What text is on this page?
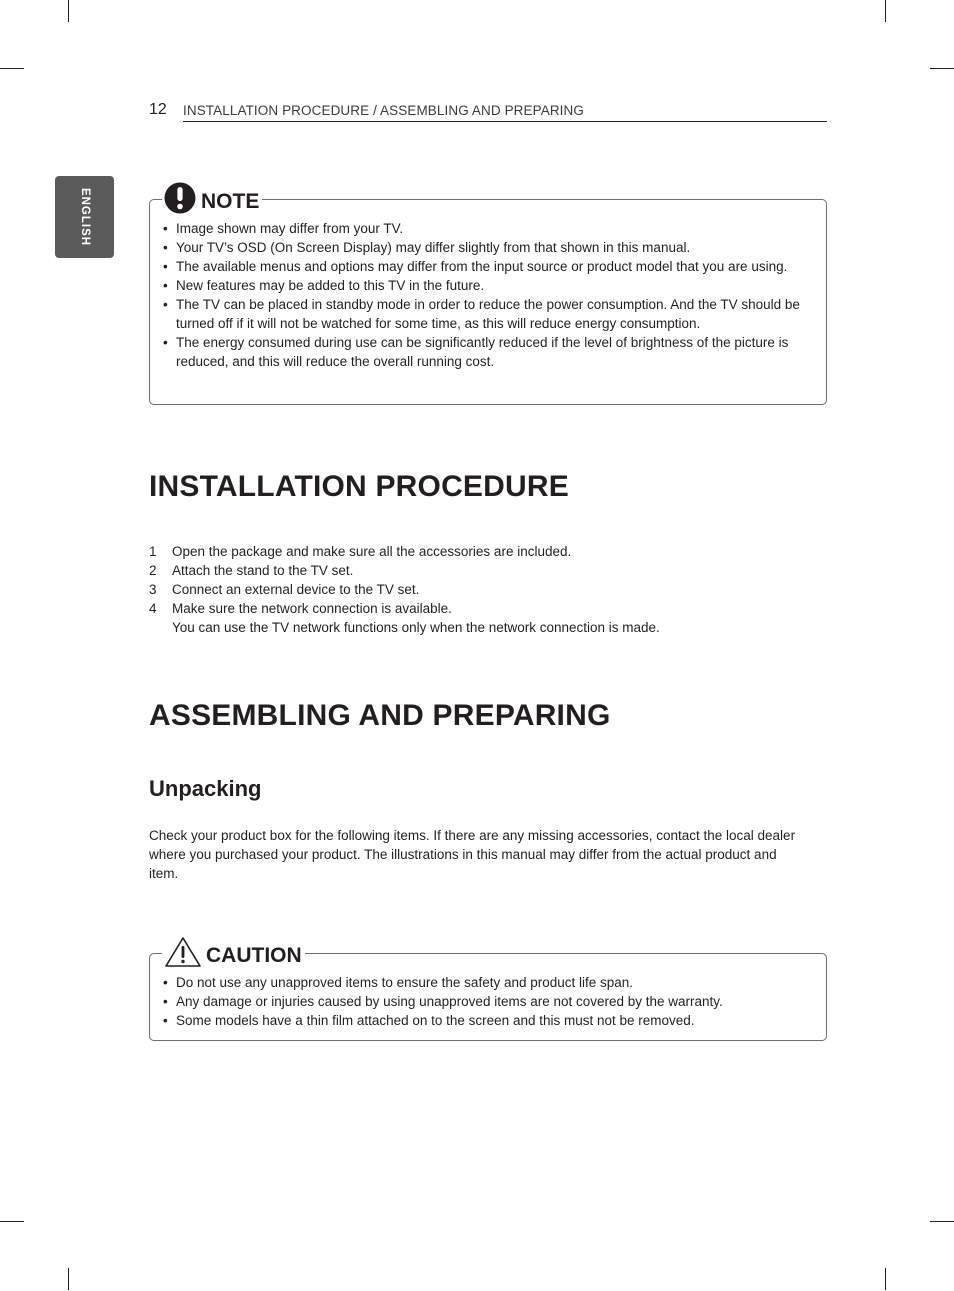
12 INSTALLATION PROCEDURE / ASSEMBLING AND PREPARING
ENGLISH	NOTE
• Image shown may differ from your TV.
• Your TV’s OSD (On Screen Display) may differ slightly from that shown in this manual.
• The available menus and options may differ from the input source or product model that you are using.
• New features may be added to this TV in the future.
• The TV can be placed in standby mode in order to reduce the power consumption. And the TV should be turned off if it will not be watched for some time, as this will reduce energy consumption.
• The energy consumed during use can be significantly reduced if the level of brightness of the picture is reduced, and this will reduce the overall running cost.
INSTALLATION PROCEDURE
1 Open the package and make sure all the accessories are included.
2 Attach the stand to the TV set.
3 Connect an external device to the TV set.
4 Make sure the network connection is available.
You can use the TV network functions only when the network connection is made.
ASSEMBLING AND PREPARING
Unpacking

Check your product box for the following items. If there are any missing accessories, contact the local dealer where you purchased your product. The illustrations in this manual may differ from the actual product and item.

CAUTION
• Do not use any unapproved items to ensure the safety and product life span.
• Any damage or injuries caused by using unapproved items are not covered by the warranty.
• Some models have a thin film attached on to the screen and this must not be removed.
